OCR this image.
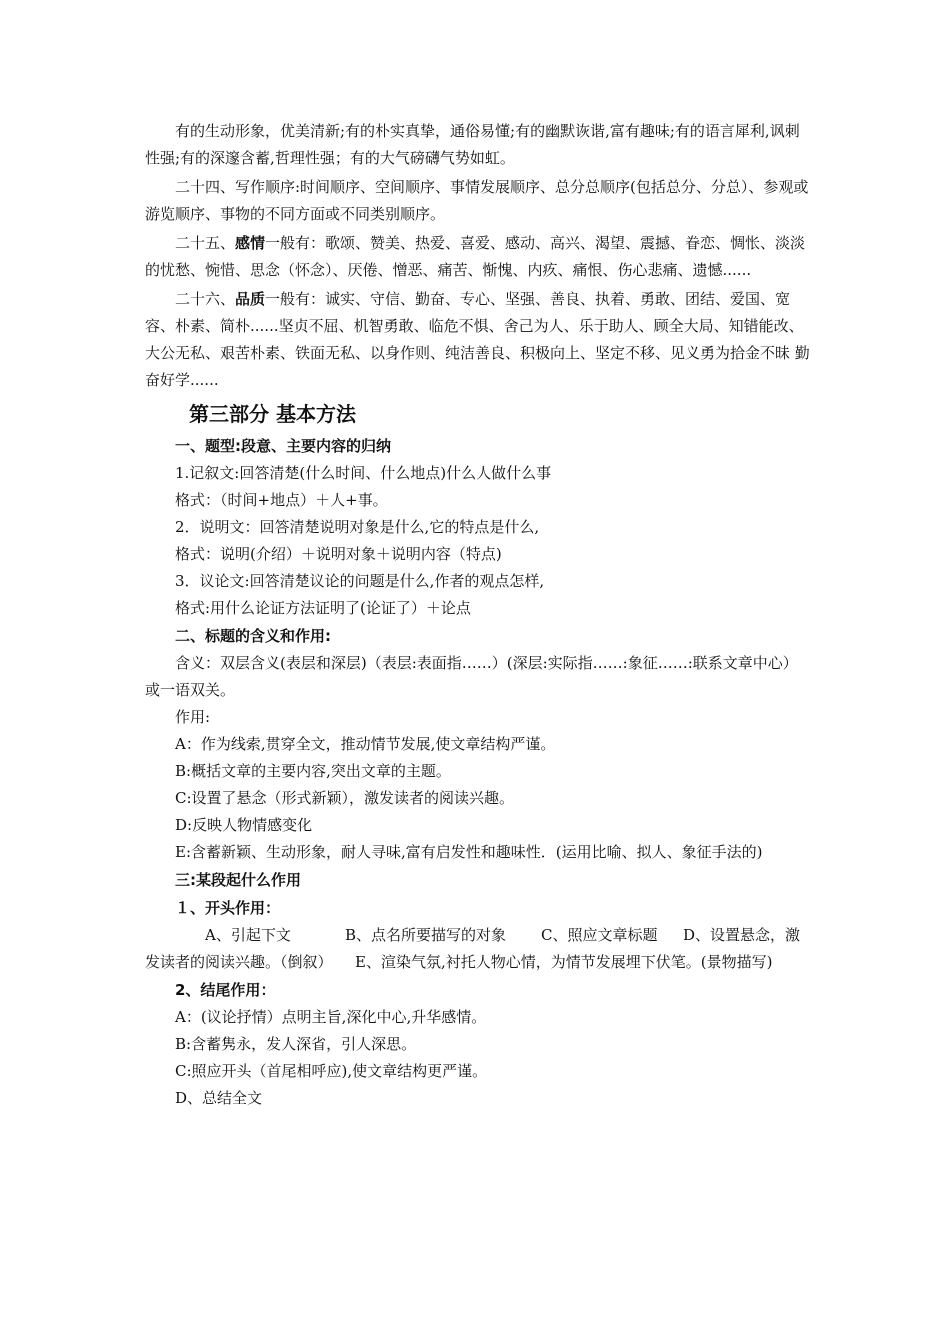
有的生动形象，优美清新;有的朴实真挚，通俗易懂;有的幽默诙谐,富有趣味;有的语言犀利,讽刺性强;有的深邃含蓄,哲理性强；有的大气磅礴气势如虹。

二十四、写作顺序:时间顺序、空间顺序、事情发展顺序、总分总顺序(包括总分、分总）、参观或游览顺序、事物的不同方面或不同类别顺序。

二十五、感情一般有：歌颂、赞美、热爱、喜爱、感动、高兴、渴望、震撼、眷恋、惆怅、淡淡的忧愁、惋惜、思念（怀念）、厌倦、憎恶、痛苦、惭愧、内疚、痛恨、伤心悲痛、遗憾......

二十六、品质一般有：诚实、守信、勤奋、专心、坚强、善良、执着、勇敢、团结、爱国、宽容、朴素、简朴......坚贞不屈、机智勇敢、临危不惧、舍己为人、乐于助人、顾全大局、知错能改、大公无私、艰苦朴素、铁面无私、以身作则、纯洁善良、积极向上、坚定不移、见义勇为拾金不昧 勤奋好学......

第三部分 基本方法

一、题型:段意、主要内容的归纳

1.记叙文:回答清楚(什么时间、什么地点)什么人做什么事

格式：（时间+地点）＋人+事。

2．说明文：回答清楚说明对象是什么,它的特点是什么,

格式：说明(介绍）＋说明对象＋说明内容（特点)

3．议论文:回答清楚议论的问题是什么,作者的观点怎样,

格式:用什么论证方法证明了(论证了）＋论点

二、标题的含义和作用:

含义：双层含义(表层和深层)（表层:表面指……）(深层:实际指……:象征……:联系文章中心）或一语双关。

作用:

A：作为线索,贯穿全文，推动情节发展,使文章结构严谨。

B:概括文章的主要内容,突出文章的主题。

C:设置了悬念（形式新颖），激发读者的阅读兴趣。

D:反映人物情感变化

E:含蓄新颖、生动形象，耐人寻味,富有启发性和趣味性．(运用比喻、拟人、象征手法的)

三:某段起什么作用

１、开头作用：

A、引起下文	B、点名所要描写的对象 C、照应文章标题 D、设置悬念，激发读者的阅读兴趣。（倒叙）　　 E、渲染气氛,衬托人物心情，为情节发展埋下伏笔。(景物描写)

2、结尾作用：

A：(议论抒情）点明主旨,深化中心,升华感情。

B:含蓄隽永，发人深省，引人深思。

C:照应开头（首尾相呼应),使文章结构更严谨。

D、总结全文
